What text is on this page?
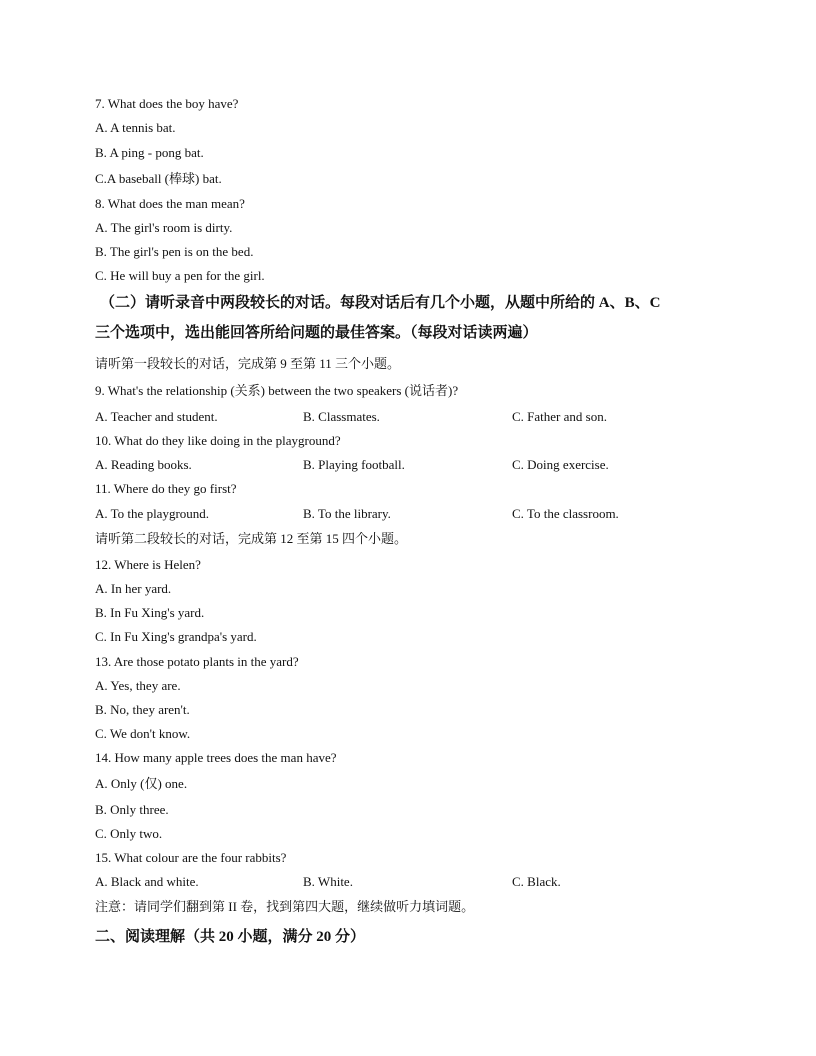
7. What does the boy have?
A. A tennis bat.
B. A ping - pong bat.
C.A baseball (棒球) bat.
8. What does the man mean?
A. The girl's room is dirty.
B. The girl's pen is on the bed.
C. He will buy a pen for the girl.
（二）请听录音中两段较长的对话。每段对话后有几个小题，从题中所给的 A、B、C
三个选项中，选出能回答所给问题的最佳答案。（每段对话读两遍）
请听第一段较长的对话，完成第 9 至第 11 三个小题。
9. What's the relationship (关系) between the two speakers (说话者)?
A. Teacher and student.	B. Classmates.	C. Father and son.
10. What do they like doing in the playground?
A. Reading books.	B. Playing football.	C. Doing exercise.
11. Where do they go first?
A. To the playground.	B. To the library.	C. To the classroom.
请听第二段较长的对话，完成第 12 至第 15 四个小题。
12. Where is Helen?
A. In her yard.
B. In Fu Xing's yard.
C. In Fu Xing's grandpa's yard.
13. Are those potato plants in the yard?
A. Yes, they are.
B. No, they aren't.
C. We don't know.
14. How many apple trees does the man have?
A. Only (仅) one.
B. Only three.
C. Only two.
15. What colour are the four rabbits?
A. Black and white.	B. White.	C. Black.
注意：请同学们翻到第 II 卷，找到第四大题，继续做听力填词题。
二、阅读理解（共 20 小题，满分 20 分）
